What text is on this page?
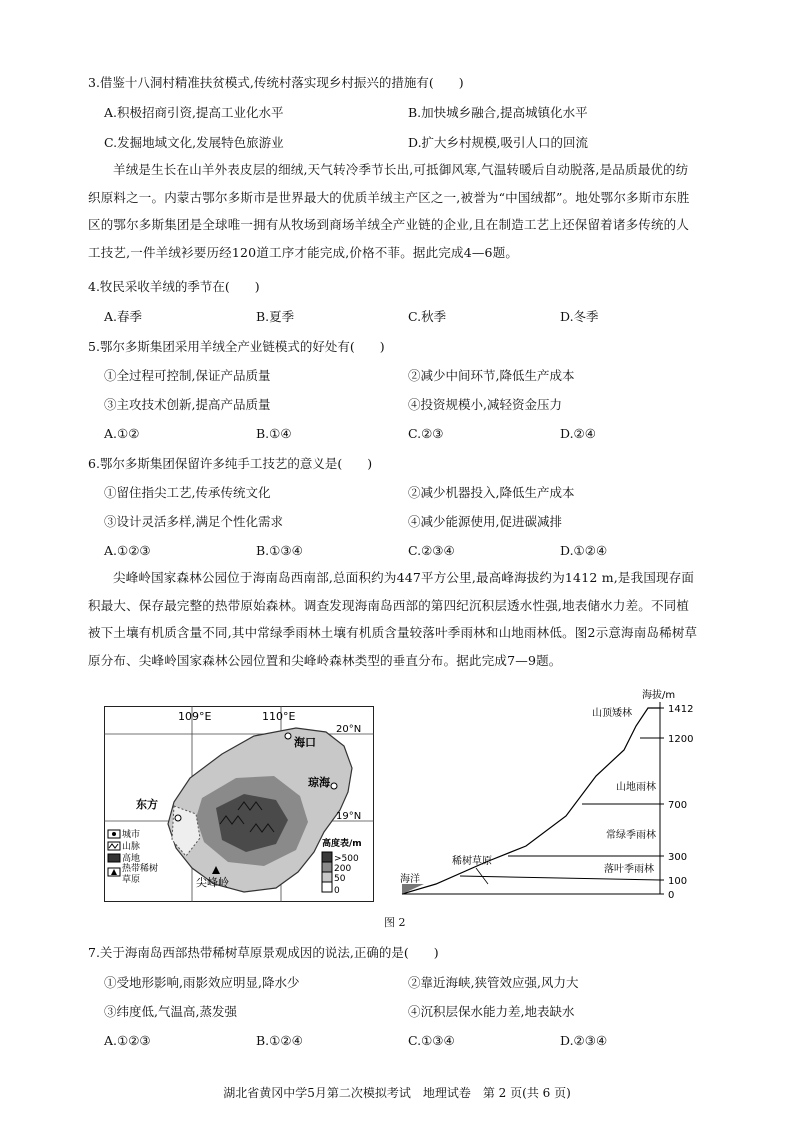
3.借鉴十八洞村精准扶贫模式,传统村落实现乡村振兴的措施有(　　)
A.积极招商引资,提高工业化水平	B.加快城乡融合,提高城镇化水平
C.发掘地域文化,发展特色旅游业	D.扩大乡村规模,吸引人口的回流
羊绒是生长在山羊外表皮层的细绒,天气转冷季节长出,可抵御风寒,气温转暖后自动脱落,是品质最优的纺织原料之一。内蒙古鄂尔多斯市是世界最大的优质羊绒主产区之一,被誉为“中国绒都”。地处鄂尔多斯市东胜区的鄂尔多斯集团是全球唯一拥有从牧场到商场羊绒全产业链的企业,且在制造工艺上还保留着诸多传统的人工技艺,一件羊绒衫要历经120道工序才能完成,价格不菲。据此完成4—6题。
4.牧民采收羊绒的季节在(　　)
A.春季	B.夏季	C.秋季	D.冬季
5.鄂尔多斯集团采用羊绒全产业链模式的好处有(　　)
①全过程可控制,保证产品质量	②减少中间环节,降低生产成本
③主攻技术创新,提高产品质量	④投资规模小,减轻资金压力
A.①②	B.①④	C.②③	D.②④
6.鄂尔多斯集团保留许多纯手工技艺的意义是(　　)
①留住指尖工艺,传承传统文化	②减少机器投入,降低生产成本
③设计灵活多样,满足个性化需求	④减少能源使用,促进碳减排
A.①②③	B.①③④	C.②③④	D.①②④
尖峰岭国家森林公园位于海南岛西南部,总面积约为447平方公里,最高峰海拔约为1412 m,是我国现存面积最大、保存最完整的热带原始森林。调查发现海南岛西部的第四纪沉积层透水性强,地表储水力差。不同植被下土壤有机质含量不同,其中常绿季雨林土壤有机质含量较落叶季雨林和山地雨林低。图2示意海南岛稀树草原分布、尖峰岭国家森林公园位置和尖峰岭森林类型的垂直分布。据此完成7—9题。
109°E	110°E
20°N
19°N
海口
琼海
东方
尖峰岭
城市
山脉
高地
热带稀树
草原
高度表/m
>500
200
50
0
海拔/m
1412
1200
700
300
100
0
山顶矮林
山地雨林
常绿季雨林
落叶季雨林
稀树草原
海洋
图 2
7.关于海南岛西部热带稀树草原景观成因的说法,正确的是(　　)
①受地形影响,雨影效应明显,降水少	②靠近海峡,狭管效应强,风力大
③纬度低,气温高,蒸发强	④沉积层保水能力差,地表缺水
A.①②③	B.①②④	C.①③④	D.②③④
湖北省黄冈中学5月第二次模拟考试　地理试卷　第 2 页(共 6 页)
